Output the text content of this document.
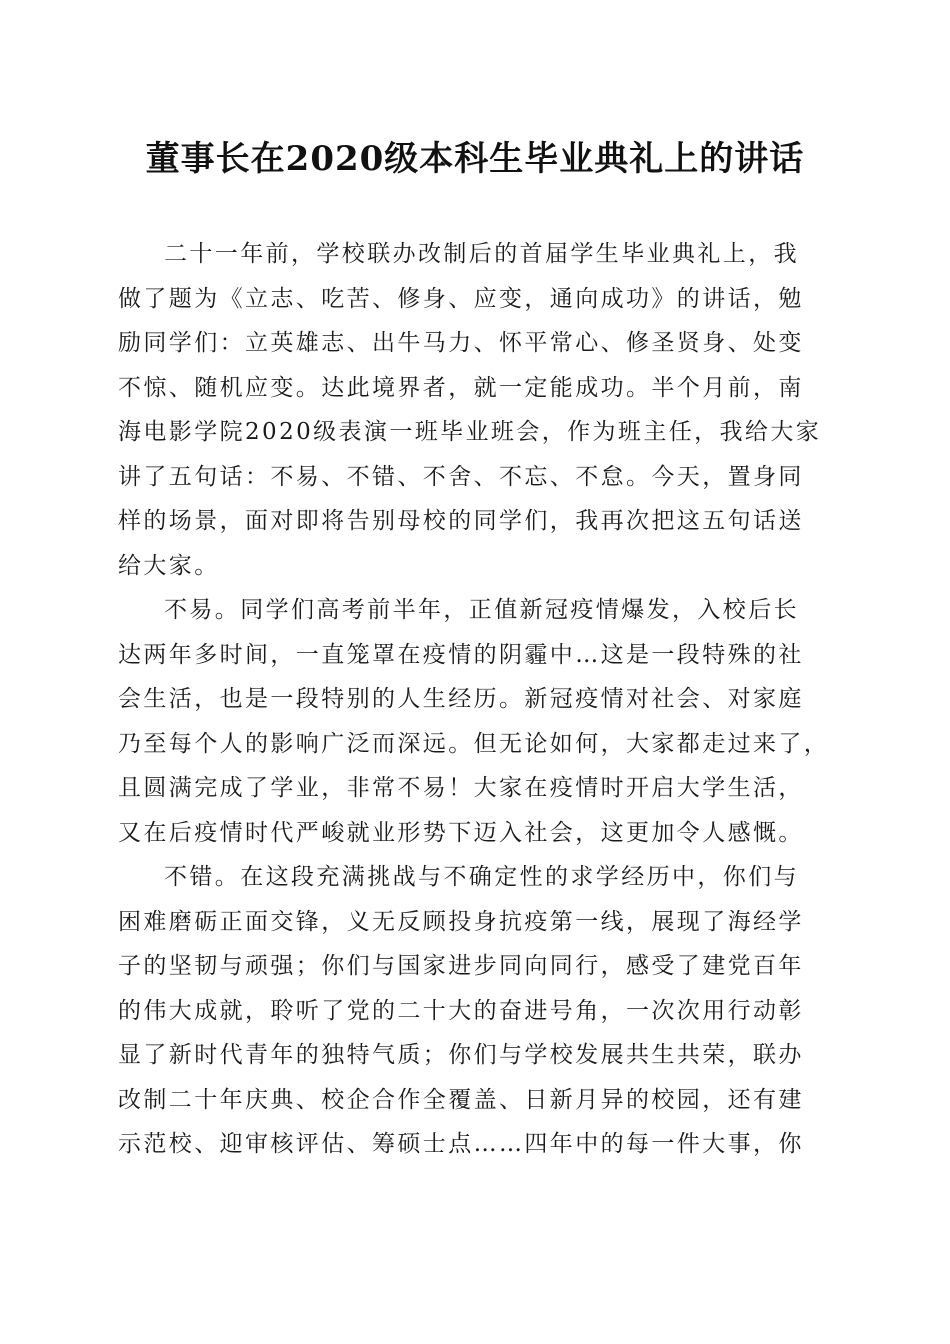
董事长在2020级本科生毕业典礼上的讲话

二十一年前，学校联办改制后的首届学生毕业典礼上，我
做了题为《立志、吃苦、修身、应变，通向成功》的讲话，勉
励同学们：立英雄志、出牛马力、怀平常心、修圣贤身、处变
不惊、随机应变。达此境界者，就一定能成功。半个月前，南
海电影学院2020级表演一班毕业班会，作为班主任，我给大家
讲了五句话：不易、不错、不舍、不忘、不怠。今天，置身同
样的场景，面对即将告别母校的同学们，我再次把这五句话送
给大家。

不易。同学们高考前半年，正值新冠疫情爆发，入校后长
达两年多时间，一直笼罩在疫情的阴霾中…这是一段特殊的社
会生活，也是一段特别的人生经历。新冠疫情对社会、对家庭
乃至每个人的影响广泛而深远。但无论如何，大家都走过来了，
且圆满完成了学业，非常不易！大家在疫情时开启大学生活，
又在后疫情时代严峻就业形势下迈入社会，这更加令人感慨。

不错。在这段充满挑战与不确定性的求学经历中，你们与
困难磨砺正面交锋，义无反顾投身抗疫第一线，展现了海经学
子的坚韧与顽强；你们与国家进步同向同行，感受了建党百年
的伟大成就，聆听了党的二十大的奋进号角，一次次用行动彰
显了新时代青年的独特气质；你们与学校发展共生共荣，联办
改制二十年庆典、校企合作全覆盖、日新月异的校园，还有建
示范校、迎审核评估、筹硕士点……四年中的每一件大事，你
